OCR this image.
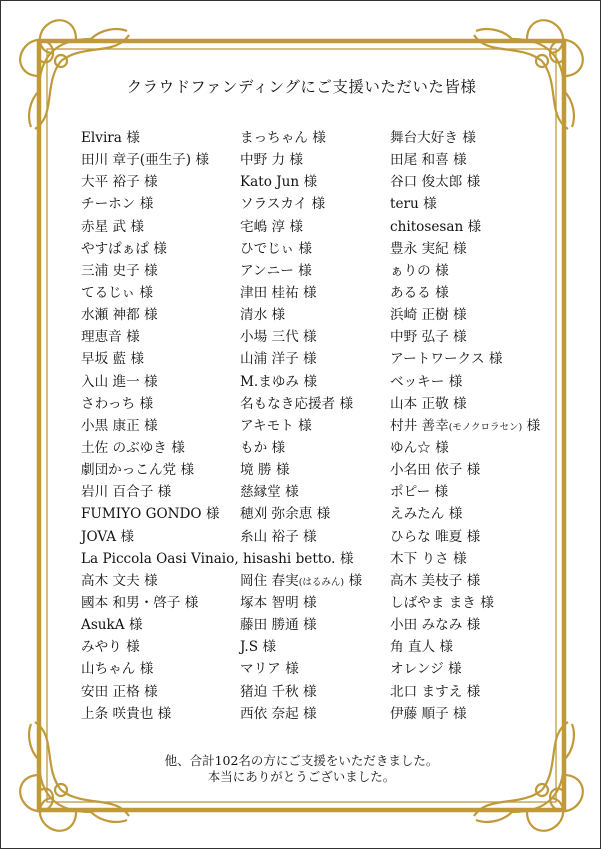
クラウドファンディングにご支援いただいた皆様
Elvira 様
田川 章子(亜生子) 様
大平 裕子 様
チーホン 様
赤星 武 様
やすぱぁぱ 様
三浦 史子 様
てるじぃ 様
水瀬 神都 様
理恵音 様
早坂 藍 様
入山 進一 様
さわっち 様
小黒 康正 様
土佐 のぶゆき 様
劇団かっこん党 様
岩川 百合子 様
FUMIYO GONDO 様
JOVA 様
高木 文夫 様
國本 和男・啓子 様
AsukA 様
みやり 様
山ちゃん 様
安田 正格 様
上条 咲貴也 様
まっちゃん 様
中野 力 様
Kato Jun 様
ソラスカイ 様
宅嶋 淳 様
ひでじぃ 様
アンニー 様
津田 桂祐 様
清水 様
小場 三代 様
山浦 洋子 様
M.まゆみ 様
名もなき応援者 様
アキモト 様
もか 様
境 勝 様
慈縁堂 様
穂刈 弥余恵 様
糸山 裕子 様
岡住 春実(はるみん) 様
塚本 智明 様
藤田 勝通 様
J.S 様
マリア 様
猪迫 千秋 様
西依 奈起 様
舞台大好き 様
田尾 和喜 様
谷口 俊太郎 様
teru 様
chitosesan 様
豊永 実紀 様
ぁりの 様
あるる 様
浜崎 正樹 様
中野 弘子 様
アートワークス 様
ベッキー 様
山本 正敬 様
村井 善幸(モノクロラセン) 様
ゆん☆ 様
小名田 依子 様
ポピー 様
えみたん 様
ひらな 唯夏 様
木下 りさ 様
高木 美枝子 様
しばやま まき 様
小田 みなみ 様
角 直人 様
オレンジ 様
北口 ますえ 様
伊藤 順子 様
La Piccola Oasi Vinaio, hisashi betto. 様
他、合計102名の方にご支援をいただきました。
本当にありがとうございました。
